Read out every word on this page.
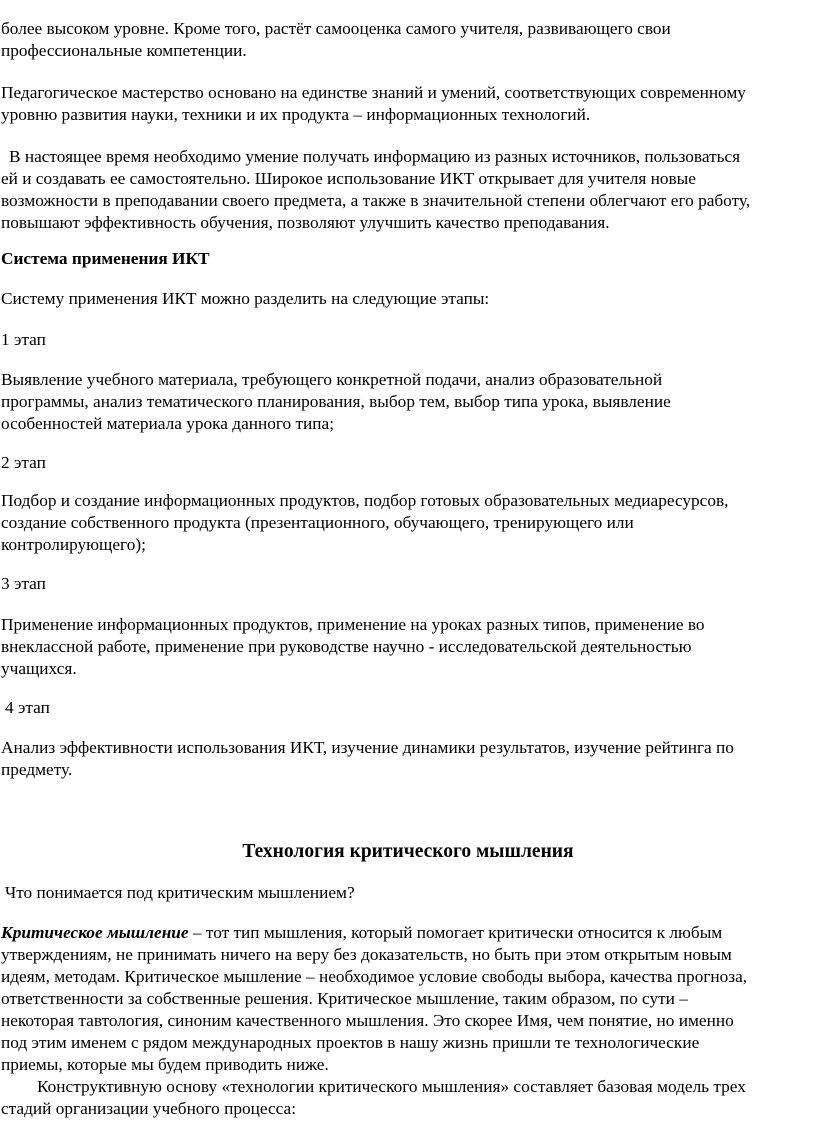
более высоком уровне. Кроме того, растёт самооценка самого учителя, развивающего свои
профессиональные компетенции.

Педагогическое мастерство основано на единстве знаний и умений, соответствующих современному
уровню развития науки, техники и их продукта – информационных технологий.

В настоящее время необходимо умение получать информацию из разных источников, пользоваться
ей и создавать ее самостоятельно. Широкое использование ИКТ открывает для учителя новые
возможности в преподавании своего предмета, а также в значительной степени облегчают его работу,
повышают эффективность обучения, позволяют улучшить качество преподавания.

Система применения ИКТ

Систему применения ИКТ можно разделить на следующие этапы:

1 этап

Выявление учебного материала, требующего конкретной подачи, анализ образовательной
программы, анализ тематического планирования, выбор тем, выбор типа урока, выявление
особенностей материала урока данного типа;

2 этап

Подбор и создание информационных продуктов, подбор готовых образовательных медиаресурсов,
создание собственного продукта (презентационного, обучающего, тренирующего или
контролирующего);

3 этап

Применение информационных продуктов, применение на уроках разных типов, применение во
внеклассной работе, применение при руководстве научно - исследовательской деятельностью
учащихся.

4 этап

Анализ эффективности использования ИКТ, изучение динамики результатов, изучение рейтинга по
предмету.

Технология критического мышления

Что понимается под критическим мышлением?

Критическое мышление – тот тип мышления, который помогает критически относится к любым
утверждениям, не принимать ничего на веру без доказательств, но быть при этом открытым новым
идеям, методам. Критическое мышление – необходимое условие свободы выбора, качества прогноза,
ответственности за собственные решения. Критическое мышление, таким образом, по сути –
некоторая тавтология, синоним качественного мышления. Это скорее Имя, чем понятие, но именно
под этим именем с рядом международных проектов в нашу жизнь пришли те технологические
приемы, которые мы будем приводить ниже.

Конструктивную основу «технологии критического мышления» составляет базовая модель трех
стадий организации учебного процесса:
